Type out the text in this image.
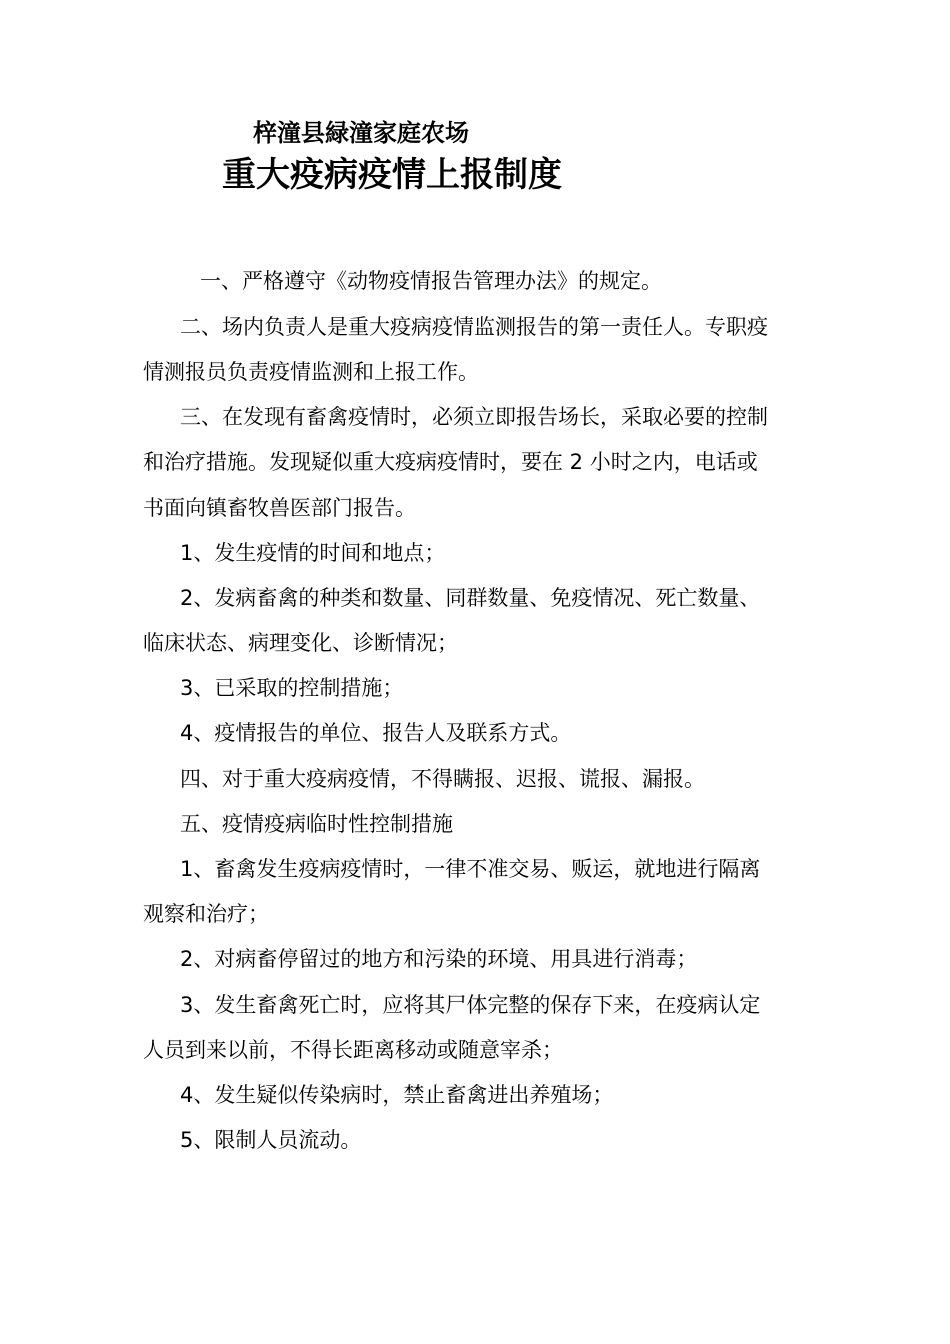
梓潼县緑潼家庭农场
重大疫病疫情上报制度
一、严格遵守《动物疫情报告管理办法》的规定。
二、场内负责人是重大疫病疫情监测报告的第一责任人。专职疫
情测报员负责疫情监测和上报工作。
三、在发现有畜禽疫情时，必须立即报告场长，采取必要的控制
和治疗措施。发现疑似重大疫病疫情时，要在 2 小时之内，电话或
书面向镇畜牧兽医部门报告。
1、发生疫情的时间和地点；
2、发病畜禽的种类和数量、同群数量、免疫情况、死亡数量、
临床状态、病理变化、诊断情况；
3、已采取的控制措施；
4、疫情报告的单位、报告人及联系方式。
四、对于重大疫病疫情，不得瞒报、迟报、谎报、漏报。
五、疫情疫病临时性控制措施
1、畜禽发生疫病疫情时，一律不准交易、贩运，就地进行隔离
观察和治疗；
2、对病畜停留过的地方和污染的环境、用具进行消毒；
3、发生畜禽死亡时，应将其尸体完整的保存下来，在疫病认定
人员到来以前，不得长距离移动或随意宰杀；
4、发生疑似传染病时，禁止畜禽进出养殖场；
5、限制人员流动。
